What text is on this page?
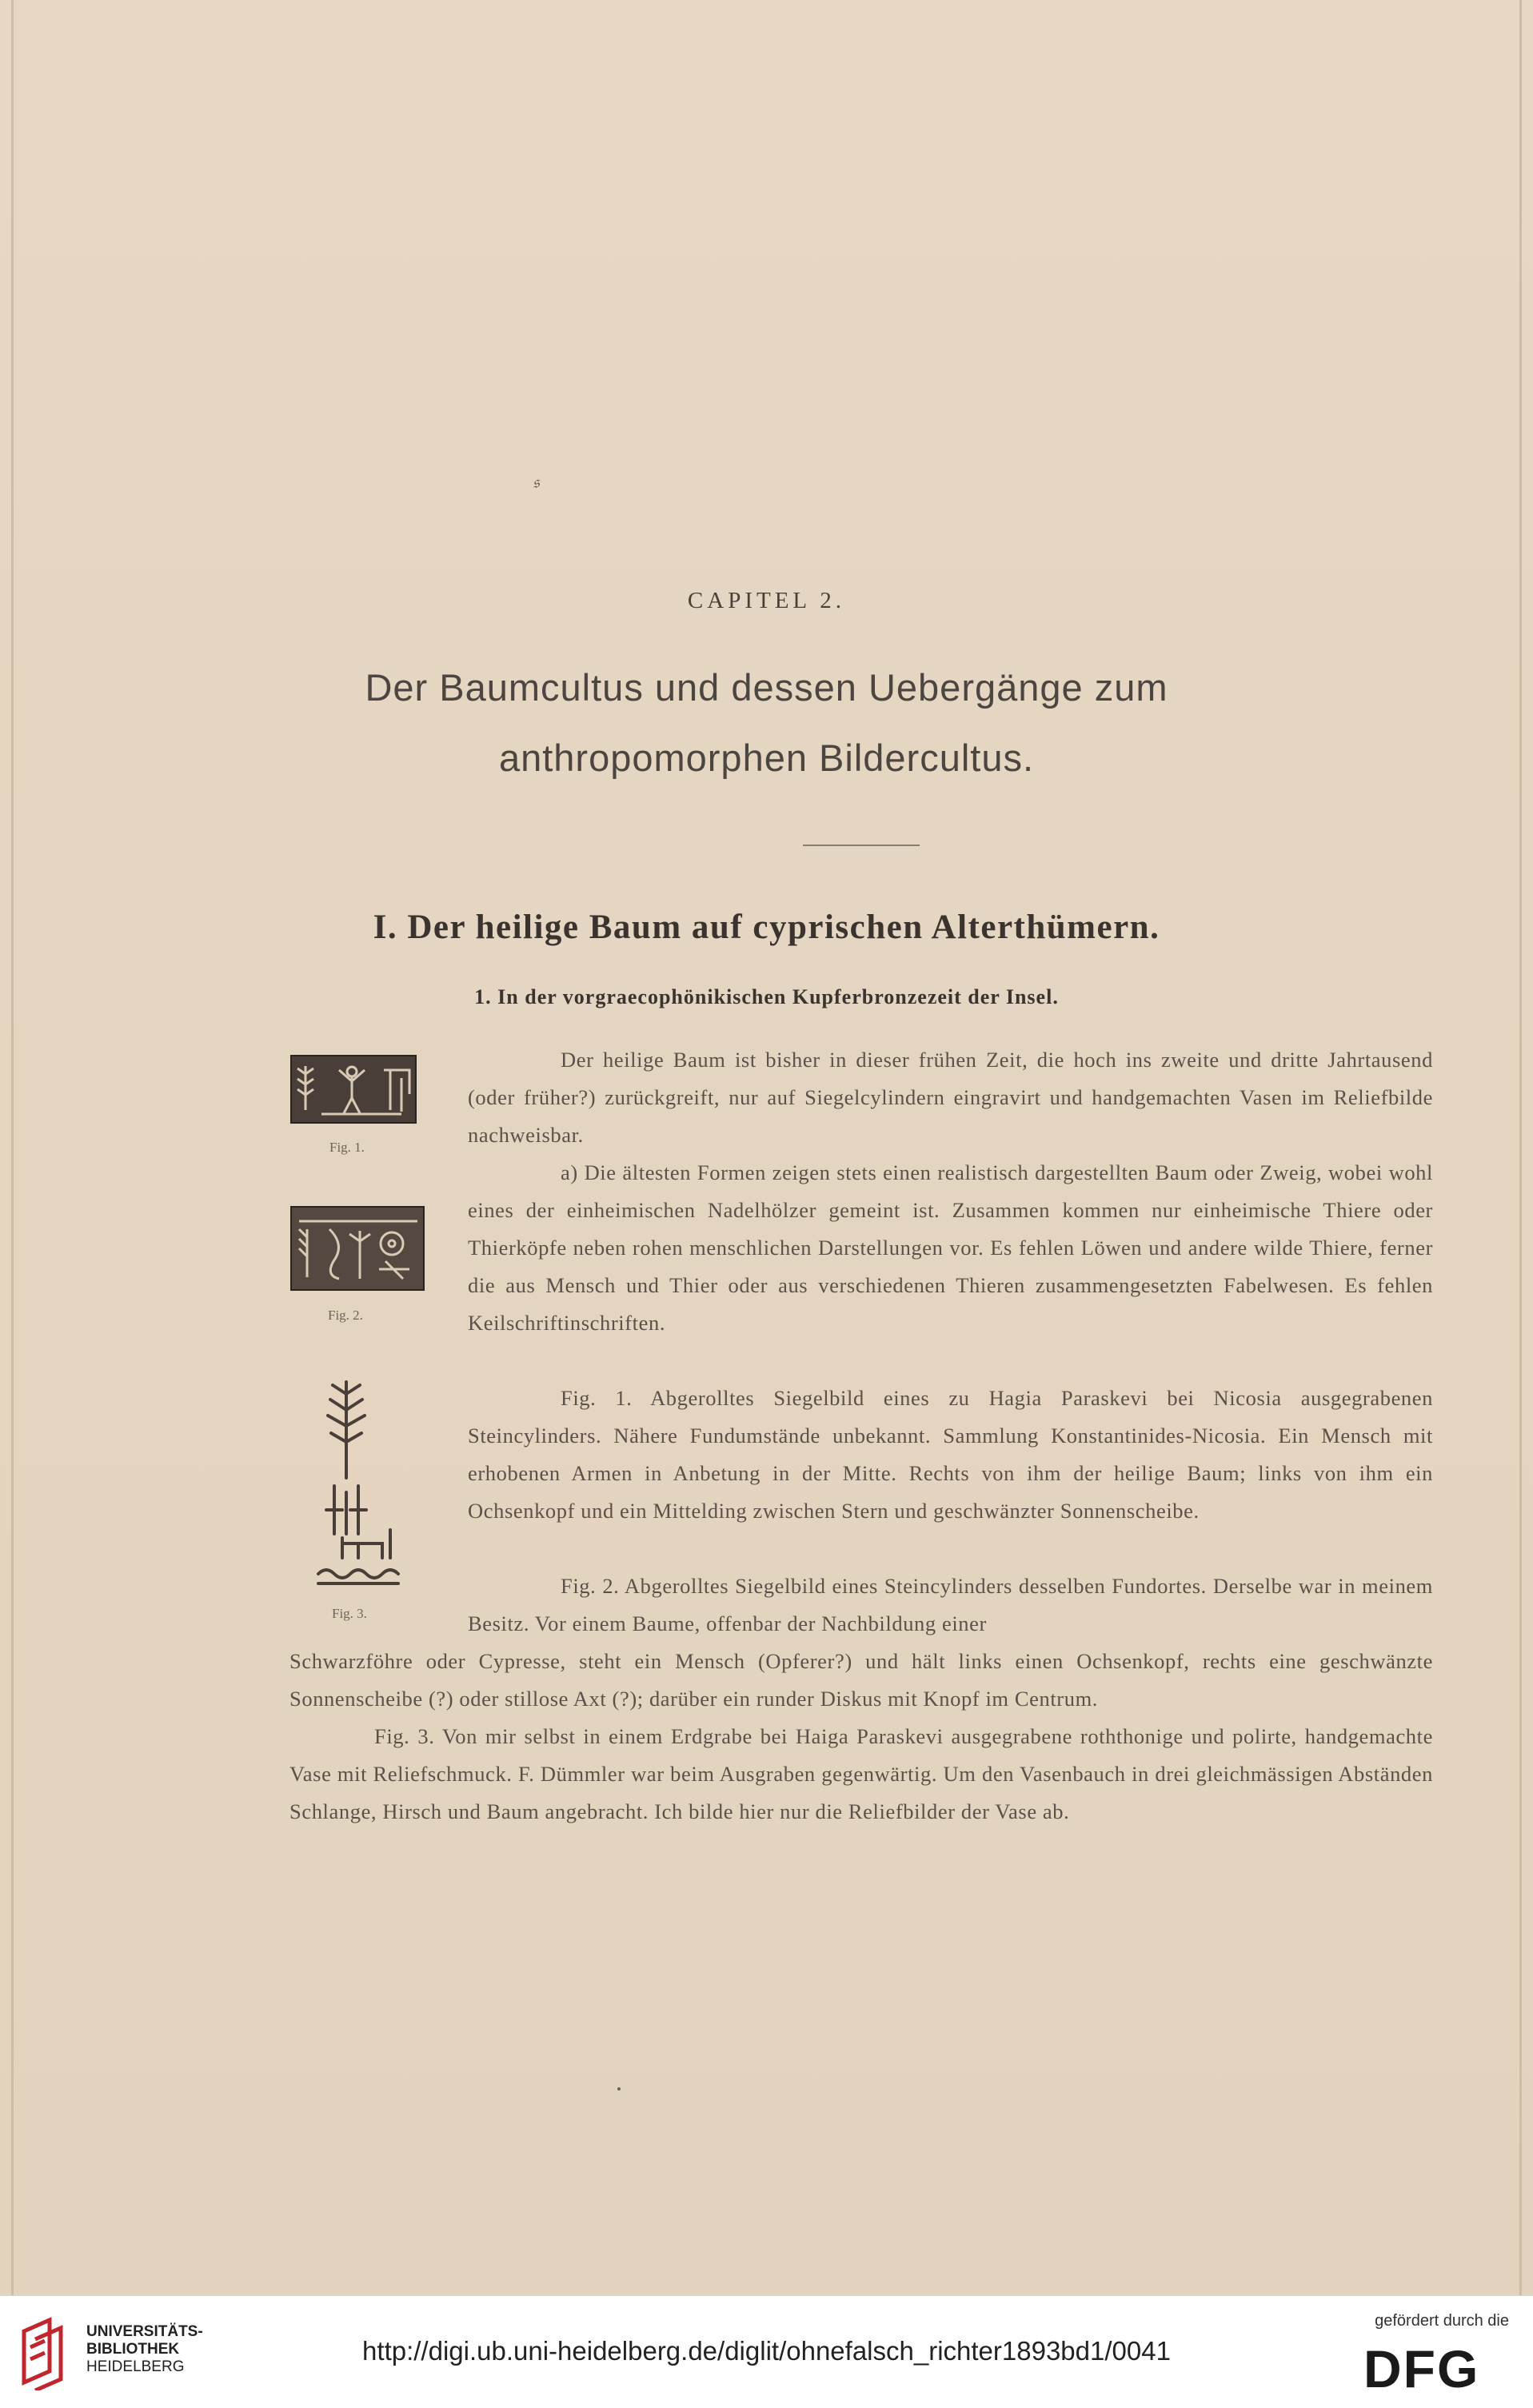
𝔰
CAPITEL 2.
Der Baumcultus und dessen Uebergänge zum
anthropomorphen Bildercultus.
I. Der heilige Baum auf cyprischen Alterthümern.
1. In der vorgraecophönikischen Kupferbronzezeit der Insel.
Fig. 1.
Fig. 2.
Fig. 3.

Der heilige Baum ist bisher in dieser frühen Zeit, die hoch ins zweite und dritte Jahrtausend (oder früher?) zurückgreift, nur auf Siegelcylindern eingravirt und handgemachten Vasen im Reliefbilde nachweisbar.

a) Die ältesten Formen zeigen stets einen realistisch dargestellten Baum oder Zweig, wobei wohl eines der einheimischen Nadelhölzer gemeint ist. Zusammen kommen nur einheimische Thiere oder Thierköpfe neben rohen menschlichen Darstellungen vor. Es fehlen Löwen und andere wilde Thiere, ferner die aus Mensch und Thier oder aus verschiedenen Thieren zusammengesetzten Fabelwesen. Es fehlen Keilschriftinschriften.

Fig. 1. Abgerolltes Siegelbild eines zu Hagia Paraskevi bei Nicosia ausgegrabenen Steincylinders. Nähere Fundumstände unbekannt. Sammlung Konstantinides-Nicosia. Ein Mensch mit erhobenen Armen in Anbetung in der Mitte. Rechts von ihm der heilige Baum; links von ihm ein Ochsenkopf und ein Mittelding zwischen Stern und geschwänzter Sonnenscheibe.

Fig. 2. Abgerolltes Siegelbild eines Steincylinders desselben Fundortes. Derselbe war in meinem Besitz. Vor einem Baume, offenbar der Nachbildung einer

Schwarzföhre oder Cypresse, steht ein Mensch (Opferer?) und hält links einen Ochsenkopf, rechts eine geschwänzte Sonnenscheibe (?) oder stillose Axt (?); darüber ein runder Diskus mit Knopf im Centrum.

Fig. 3. Von mir selbst in einem Erdgrabe bei Haiga Paraskevi ausgegrabene roththonige und polirte, handgemachte Vase mit Reliefschmuck. F. Dümmler war beim Ausgraben gegenwärtig. Um den Vasenbauch in drei gleichmässigen Abständen Schlange, Hirsch und Baum angebracht. Ich bilde hier nur die Reliefbilder der Vase ab.

UNIVERSITÄTS-
BIBLIOTHEK
HEIDELBERG
http://digi.ub.uni-heidelberg.de/diglit/ohnefalsch_richter1893bd1/0041
gefördert durch die
DFG
